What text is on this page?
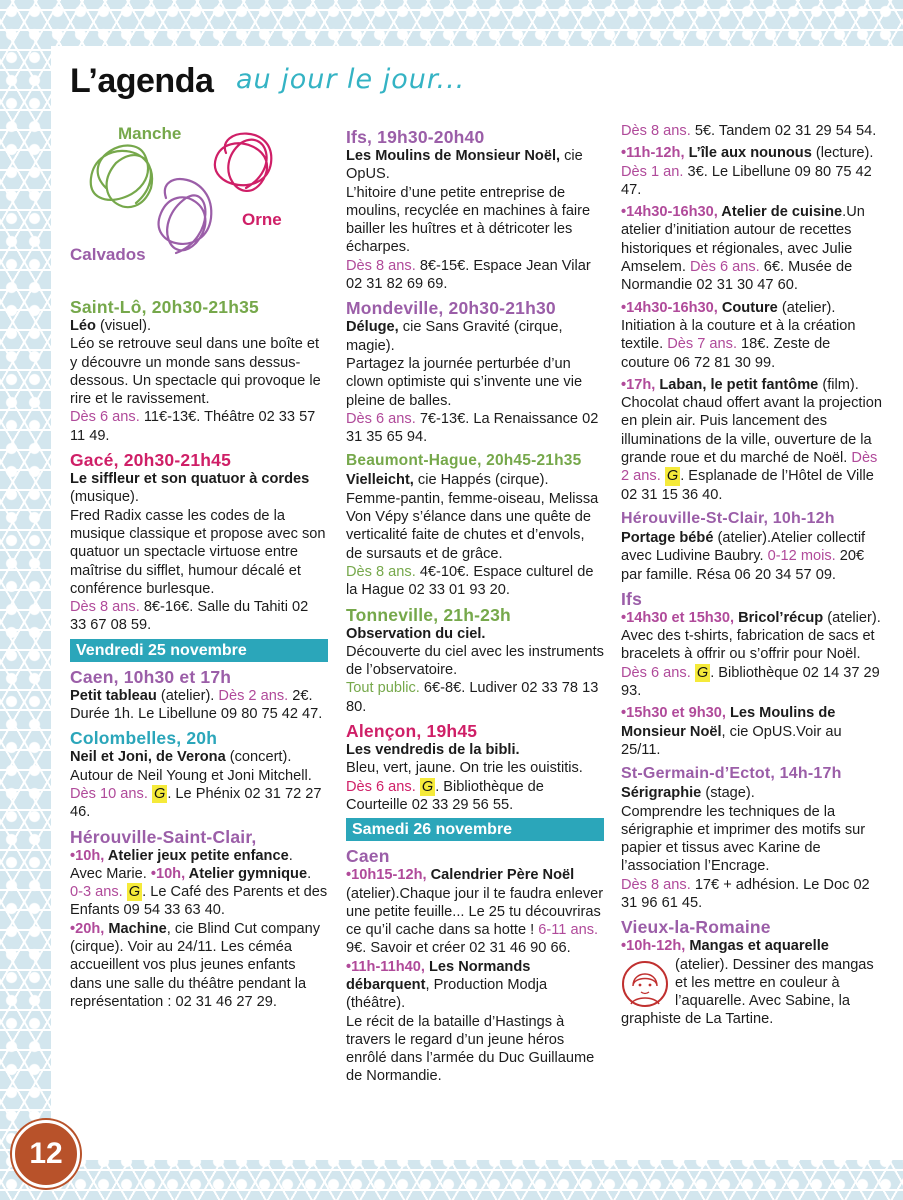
L’agenda au jour le jour...
Manche
Orne
Calvados

Saint-Lô, 20h30-21h35

Léo (visuel).

Léo se retrouve seul dans une boîte et y découvre un monde sans dessus-dessous. Un spectacle qui provoque le rire et le ravissement.

Dès 6 ans. 11€-13€. Théâtre 02 33 57 11 49.

Gacé, 20h30-21h45

Le siffleur et son quatuor à cordes (musique).

Fred Radix casse les codes de la musique classique et propose avec son quatuor un spectacle virtuose entre maîtrise du sifflet, humour décalé et conférence burlesque.

Dès 8 ans. 8€-16€. Salle du Tahiti 02 33 67 08 59.

Vendredi 25 novembre

Caen, 10h30 et 17h

Petit tableau (atelier). Dès 2 ans. 2€. Durée 1h. Le Libellune 09 80 75 42 47.

Colombelles, 20h

Neil et Joni, de Verona (concert). Autour de Neil Young et Joni Mitchell.

Dès 10 ans. G . Le Phénix 02 31 72 27 46.

Hérouville-Saint-Clair,

•10h, Atelier jeux petite enfance. Avec Marie. •10h, Atelier gymnique. 0-3 ans. G . Le Café des Parents et des Enfants 09 54 33 63 40.

•20h, Machine, cie Blind Cut company (cirque). Voir au 24/11. Les céméa accueillent vos plus jeunes enfants dans une salle du théâtre pendant la représentation : 02 31 46 27 29.

Ifs, 19h30-20h40

Les Moulins de Monsieur Noël, cie OpUS.

L’hitoire d’une petite entreprise de moulins, recyclée en machines à faire bailler les huîtres et à détricoter les écharpes.

Dès 8 ans. 8€-15€. Espace Jean Vilar 02 31 82 69 69.

Mondeville, 20h30-21h30

Déluge, cie Sans Gravité (cirque, magie).

Partagez la journée perturbée d’un clown optimiste qui s’invente une vie pleine de balles.

Dès 6 ans. 7€-13€. La Renaissance 02 31 35 65 94.

Beaumont-Hague, 20h45-21h35

Vielleicht, cie Happés (cirque). Femme-pantin, femme-oiseau, Melissa Von Vépy s’élance dans une quête de verticalité faite de chutes et d’envols, de sursauts et de grâce.

Dès 8 ans. 4€-10€. Espace culturel de la Hague 02 33 01 93 20.

Tonneville, 21h-23h

Observation du ciel.

Découverte du ciel avec les instruments de l’observatoire.

Tout public. 6€-8€. Ludiver 02 33 78 13 80.

Alençon, 19h45

Les vendredis de la bibli.

Bleu, vert, jaune. On trie les ouistitis.

Dès 6 ans. G . Bibliothèque de Courteille 02 33 29 56 55.

Samedi 26 novembre

Caen

•10h15-12h, Calendrier Père Noël (atelier).Chaque jour il te faudra enlever une petite feuille... Le 25 tu découvriras ce qu’il cache dans sa hotte ! 6-11 ans. 9€. Savoir et créer 02 31 46 90 66.

•11h-11h40, Les Normands débarquent, Production Modja (théâtre).

Le récit de la bataille d’Hastings à travers le regard d’un jeune héros enrôlé dans l’armée du Duc Guillaume de Normandie.

Dès 8 ans. 5€. Tandem 02 31 29 54 54.

•11h-12h, L’île aux nounous (lecture). Dès 1 an. 3€. Le Libellune 09 80 75 42 47.

•14h30-16h30, Atelier de cuisine.Un atelier d’initiation autour de recettes historiques et régionales, avec Julie Amselem. Dès 6 ans. 6€. Musée de Normandie 02 31 30 47 60.

•14h30-16h30, Couture (atelier). Initiation à la couture et à la création textile. Dès 7 ans. 18€. Zeste de couture 06 72 81 30 99.

•17h, Laban, le petit fantôme (film). Chocolat chaud offert avant la projection en plein air. Puis lancement des illuminations de la ville, ouverture de la grande roue et du marché de Noël. Dès 2 ans. G . Esplanade de l’Hôtel de Ville 02 31 15 36 40.

Hérouville-St-Clair, 10h-12h

Portage bébé (atelier).Atelier collectif avec Ludivine Baubry. 0-12 mois. 20€ par famille. Résa 06 20 34 57 09.

Ifs

•14h30 et 15h30, Bricol’récup (atelier). Avec des t-shirts, fabrication de sacs et bracelets à offrir ou s’offrir pour Noël. Dès 6 ans. G . Bibliothèque 02 14 37 29 93.

•15h30 et 9h30, Les Moulins de Monsieur Noël, cie OpUS.Voir au 25/11.

St-Germain-d’Ectot, 14h-17h

Sérigraphie (stage).

Comprendre les techniques de la sérigraphie et imprimer des motifs sur papier et tissus avec Karine de l’association l’Encrage.

Dès 8 ans. 17€ + adhésion. Le Doc 02 31 96 61 45.

Vieux-la-Romaine

•10h-12h, Mangas et aquarelle

(atelier). Dessiner des mangas et les mettre en couleur à l’aquarelle. Avec Sabine, la graphiste de La Tartine.

12
